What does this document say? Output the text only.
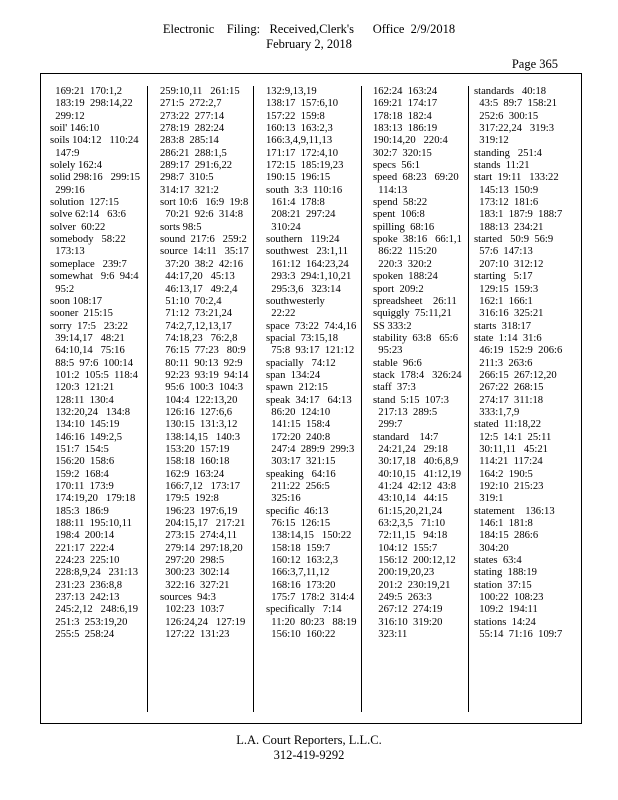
Electronic    Filing:   Received,Clerk's      Office  2/9/2018
February 2, 2018
Page 365
169:21  170:1,2
183:19  298:14,22
299:12
soil' 146:10
soils 104:12   110:24
147:9
solely 162:4
solid 298:16   299:15
299:16
solution  127:15
solve 62:14   63:6
solver  60:22
somebody   58:22
173:13
someplace   239:7
somewhat   9:6  94:4
95:2
soon 108:17
sooner  215:15
sorry  17:5   23:22
39:14,17   48:21
64:10,14   75:16
88:5  97:6  100:14
101:2  105:5  118:4
120:3  121:21
128:11  130:4
132:20,24   134:8
134:10  145:19
146:16  149:2,5
151:7  154:5
156:20  158:6
159:2  168:4
170:11  173:9
174:19,20   179:18
185:3  186:9
188:11  195:10,11
198:4  200:14
221:17  222:4
224:23  225:10
228:8,9,24   231:13
231:23  236:8,8
237:13  242:13
245:2,12   248:6,19
251:3  253:19,20
255:5  258:24
259:10,11   261:15
271:5  272:2,7
273:22  277:14
278:19  282:24
283:8  285:14
286:21  288:1,5
289:17  291:6,22
298:7  310:5
314:17  321:2
sort 10:6   16:9  19:8
70:21  92:6  314:8
sorts 98:5
sound  217:6   259:2
source  14:11   35:17
37:20  38:2  42:16
44:17,20   45:13
46:13,17   49:2,4
51:10  70:2,4
71:12  73:21,24
74:2,7,12,13,17
74:18,23   76:2,8
76:15  77:23   80:9
80:11  90:13  92:9
92:23  93:19  94:14
95:6  100:3  104:3
104:4  122:13,20
126:16  127:6,6
130:15  131:3,12
138:14,15   140:3
153:20  157:19
158:18  160:18
162:9  163:24
166:7,12   173:17
179:5  192:8
196:23  197:6,19
204:15,17   217:21
273:15  274:4,11
279:14  297:18,20
297:20  298:5
300:23  302:14
322:16  327:21
sources  94:3
102:23  103:7
126:24,24   127:19
127:22  131:23
132:9,13,19
138:17  157:6,10
157:22  159:8
160:13  163:2,3
166:3,4,9,11,13
171:17  172:4,10
172:15  185:19,23
190:15  196:15
south  3:3  110:16
161:4  178:8
208:21  297:24
310:24
southern   119:24
southwest   23:1,11
161:12  164:23,24
293:3  294:1,10,21
295:3,6   323:14
southwesterly
22:22
space  73:22  74:4,16
spacial  73:15,18
75:8  93:17  121:12
spacially   74:12
span  134:24
spawn  212:15
speak  34:17   64:13
86:20  124:10
141:15  158:4
172:20  240:8
247:4  289:9  299:3
303:17  321:15
speaking   64:16
211:22  256:5
325:16
specific  46:13
76:15  126:15
138:14,15   150:22
158:18  159:7
160:12  163:2,3
166:3,7,11,12
168:16  173:20
175:7  178:2  314:4
specifically   7:14
11:20  80:23   88:19
156:10  160:22
162:24  163:24
169:21  174:17
178:18  182:4
183:13  186:19
190:14,20   220:4
302:7  320:15
specs  56:1
speed  68:23   69:20
114:13
spend  58:22
spent  106:8
spilling  68:16
spoke  38:16   66:1,1
86:22  115:20
220:3  320:2
spoken  188:24
sport  209:2
spreadsheet    26:11
squiggly  75:11,21
SS 333:2
stability  63:8   65:6
95:23
stable  96:6
stack  178:4   326:24
staff  37:3
stand  5:15  107:3
217:13  289:5
299:7
standard    14:7
24:21,24   29:18
30:17,18   40:6,8,9
40:10,15   41:12,19
41:24  42:12  43:8
43:10,14   44:15
61:15,20,21,24
63:2,3,5   71:10
72:11,15   94:18
104:12  155:7
156:12  200:12,12
200:19,20,23
201:2  230:19,21
249:5  263:3
267:12  274:19
316:10  319:20
323:11
standards   40:18
43:5  89:7  158:21
252:6  300:15
317:22,24   319:3
319:12
standing   251:4
stands  11:21
start  19:11   133:22
145:13  150:9
173:12  181:6
183:1  187:9  188:7
188:13  234:21
started   50:9  56:9
57:6  147:13
207:10  312:12
starting   5:17
129:15  159:3
162:1  166:1
316:16  325:21
starts  318:17
state  1:14  31:6
46:19  152:9  206:6
211:3  263:6
266:15  267:12,20
267:22  268:15
274:17  311:18
333:1,7,9
stated  11:18,22
12:5  14:1  25:11
30:11,11   45:21
114:21  117:24
164:2  190:5
192:10  215:23
319:1
statement    136:13
146:1  181:8
184:15  286:6
304:20
states  63:4
stating  188:19
station  37:15
100:22  108:23
109:2  194:11
stations  14:24
55:14  71:16  109:7
L.A. Court Reporters, L.L.C.
312-419-9292
